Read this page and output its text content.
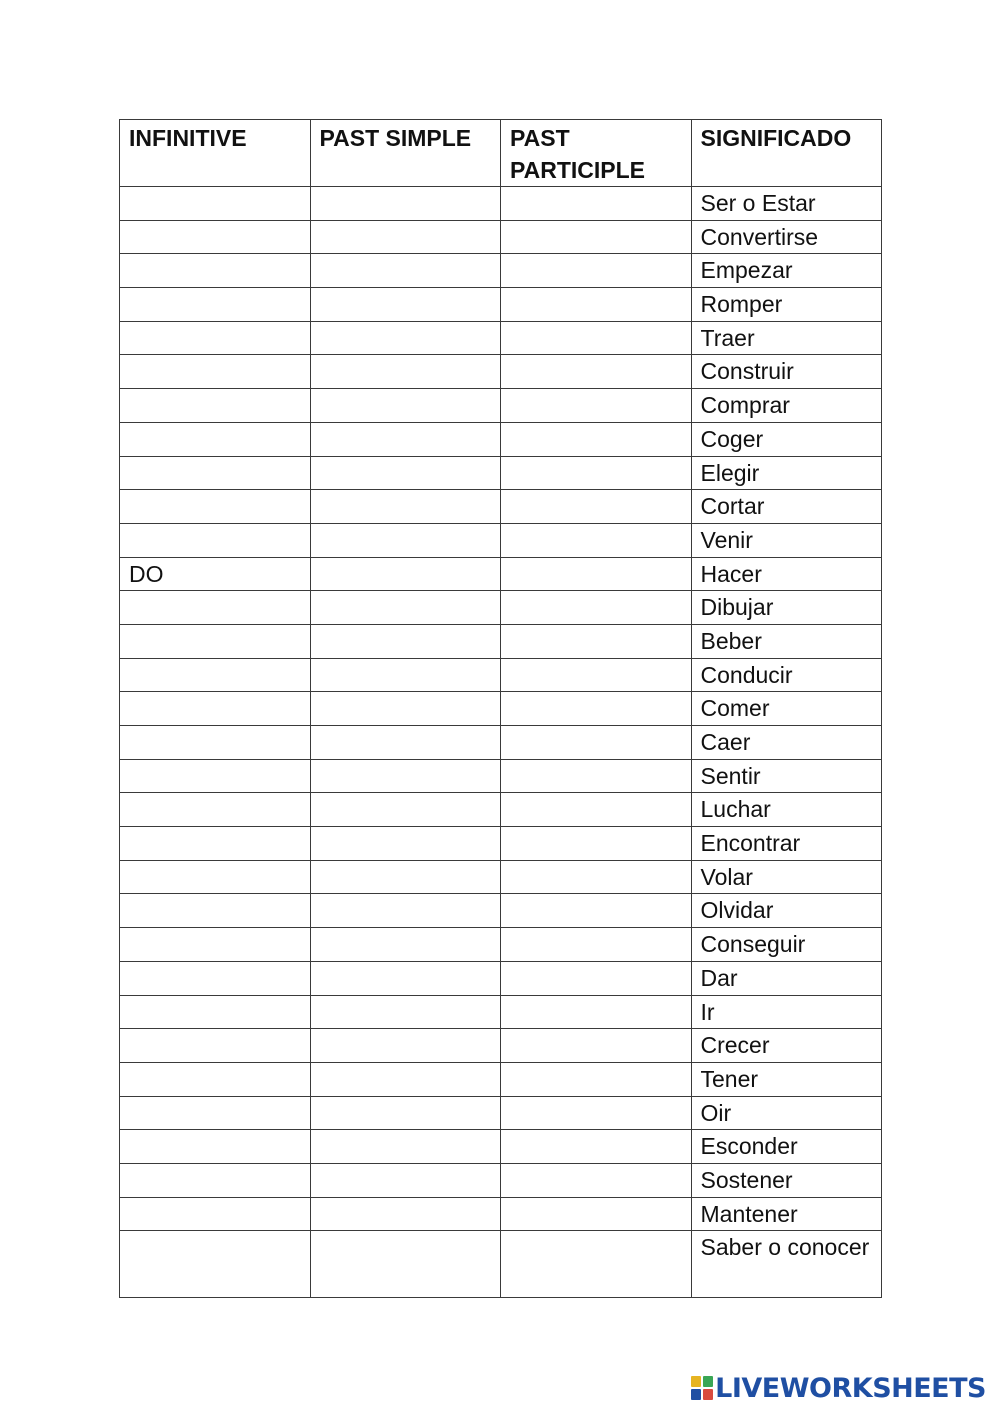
INFINITIVE	PAST SIMPLE	PAST PARTICIPLE	SIGNIFICADO
			Ser o Estar
			Convertirse
			Empezar
			Romper
			Traer
			Construir
			Comprar
			Coger
			Elegir
			Cortar
			Venir
DO			Hacer
			Dibujar
			Beber
			Conducir
			Comer
			Caer
			Sentir
			Luchar
			Encontrar
			Volar
			Olvidar
			Conseguir
			Dar
			Ir
			Crecer
			Tener
			Oir
			Esconder
			Sostener
			Mantener
			Saber o conocer
LIVEWORKSHEETS
